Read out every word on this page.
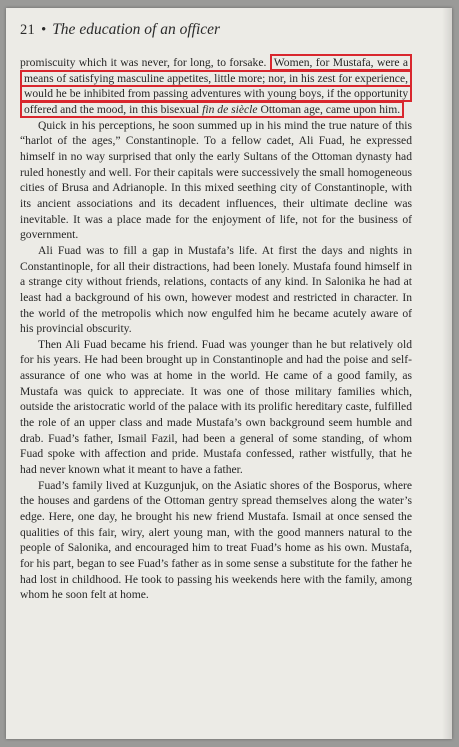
21 • The education of an officer

promiscuity which it was never, for long, to forsake. Women, for Mustafa, were a means of satisfying masculine appetites, little more; nor, in his zest for experience, would he be inhibited from passing adventures with young boys, if the opportunity offered and the mood, in this bisexual fin de siècle Ottoman age, came upon him.

Quick in his perceptions, he soon summed up in his mind the true nature of this “harlot of the ages,” Constantinople. To a fellow cadet, Ali Fuad, he expressed himself in no way surprised that only the early Sultans of the Ottoman dynasty had ruled honestly and well. For their capitals were successively the small homogeneous cities of Brusa and Adrianople. In this mixed seething city of Constantinople, with its ancient associations and its decadent influences, their ultimate decline was inevitable. It was a place made for the enjoyment of life, not for the business of government.

Ali Fuad was to fill a gap in Mustafa’s life. At first the days and nights in Constantinople, for all their distractions, had been lonely. Mustafa found himself in a strange city without friends, relations, contacts of any kind. In Salonika he had at least had a background of his own, however modest and restricted in character. In the world of the metropolis which now engulfed him he became acutely aware of his provincial obscurity.

Then Ali Fuad became his friend. Fuad was younger than he but relatively old for his years. He had been brought up in Constantinople and had the poise and self-assurance of one who was at home in the world. He came of a good family, as Mustafa was quick to appreciate. It was one of those military families which, outside the aristocratic world of the palace with its prolific hereditary caste, fulfilled the role of an upper class and made Mustafa’s own background seem humble and drab. Fuad’s father, Ismail Fazil, had been a general of some standing, of whom Fuad spoke with affection and pride. Mustafa confessed, rather wistfully, that he had never known what it meant to have a father.

Fuad’s family lived at Kuzgunjuk, on the Asiatic shores of the Bosporus, where the houses and gardens of the Ottoman gentry spread themselves along the water’s edge. Here, one day, he brought his new friend Mustafa. Ismail at once sensed the qualities of this fair, wiry, alert young man, with the good manners natural to the people of Salonika, and encouraged him to treat Fuad’s home as his own. Mustafa, for his part, began to see Fuad’s father as in some sense a substitute for the father he had lost in childhood. He took to passing his weekends here with the family, among whom he soon felt at home.
